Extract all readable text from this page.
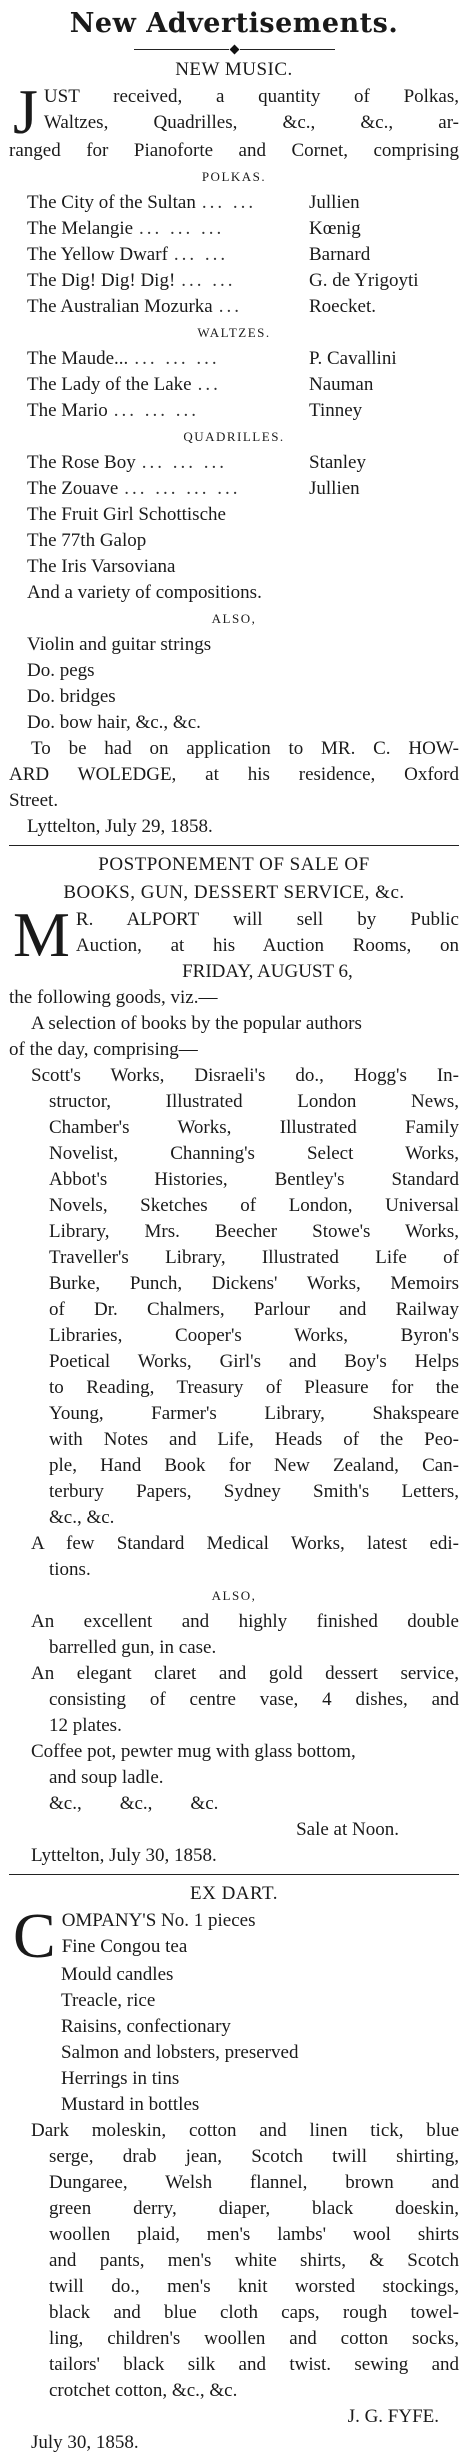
New Advertisements.
NEW MUSIC.
J UST received, a quantity of Polkas,
Waltzes, Quadrilles, &c., &c., ar-
ranged for Pianoforte and Cornet, comprising
POLKAS.
The City of the Sultan ... ...	Jullien
The Melangie ... ... ...	Kœnig
The Yellow Dwarf ... ...	Barnard
The Dig! Dig! Dig! ... ...	G. de Yrigoyti
The Australian Mozurka ...	Roecket.
WALTZES.
The Maude... ... ... ...	P. Cavallini
The Lady of the Lake ...	Nauman
The Mario ... ... ...	Tinney
QUADRILLES.
The Rose Boy ... ... ...	Stanley
The Zouave ... ... ... ...	Jullien
The Fruit Girl Schottische
The 77th Galop
The Iris Varsoviana
And a variety of compositions.
ALSO,
Violin and guitar strings
Do. pegs
Do. bridges
Do. bow hair, &c., &c.
To be had on application to MR. C. HOW-
ARD WOLEDGE, at his residence, Oxford
Street.
Lyttelton, July 29, 1858.
POSTPONEMENT OF SALE OF
BOOKS, GUN, DESSERT SERVICE, &c.
M R. ALPORT will sell by Public
Auction, at his Auction Rooms, on
FRIDAY, AUGUST 6,
the following goods, viz.—
A selection of books by the popular authors
of the day, comprising—
Scott's Works, Disraeli's do., Hogg's In-
structor, Illustrated London News,
Chamber's Works, Illustrated Family
Novelist, Channing's Select Works,
Abbot's Histories, Bentley's Standard
Novels, Sketches of London, Universal
Library, Mrs. Beecher Stowe's Works,
Traveller's Library, Illustrated Life of
Burke, Punch, Dickens' Works, Memoirs
of Dr. Chalmers, Parlour and Railway
Libraries, Cooper's Works, Byron's
Poetical Works, Girl's and Boy's Helps
to Reading, Treasury of Pleasure for the
Young, Farmer's Library, Shakspeare
with Notes and Life, Heads of the Peo-
ple, Hand Book for New Zealand, Can-
terbury Papers, Sydney Smith's Letters,
&c., &c.
A few Standard Medical Works, latest edi-
tions.
ALSO,
An excellent and highly finished double
barrelled gun, in case.
An elegant claret and gold dessert service,
consisting of centre vase, 4 dishes, and
12 plates.
Coffee pot, pewter mug with glass bottom,
and soup ladle.
&c.,        &c.,        &c.
Sale at Noon.
Lyttelton, July 30, 1858.
EX DART.
C OMPANY'S No. 1 pieces
Fine Congou tea
Mould candles
Treacle, rice
Raisins, confectionary
Salmon and lobsters, preserved
Herrings in tins
Mustard in bottles
Dark moleskin, cotton and linen tick, blue
serge, drab jean, Scotch twill shirting,
Dungaree, Welsh flannel, brown and
green derry, diaper, black doeskin,
woollen plaid, men's lambs' wool shirts
and pants, men's white shirts, & Scotch
twill do., men's knit worsted stockings,
black and blue cloth caps, rough towel-
ling, children's woollen and cotton socks,
tailors' black silk and twist. sewing and
crotchet cotton, &c., &c.
J. G. FYFE.
July 30, 1858.
